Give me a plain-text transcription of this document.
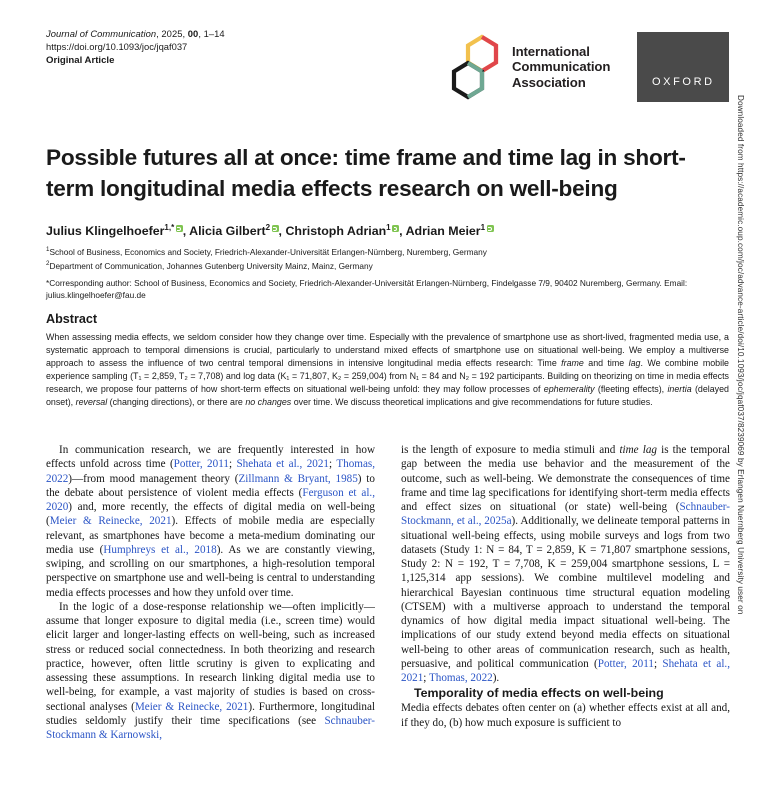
Journal of Communication, 2025, 00, 1–14
https://doi.org/10.1093/joc/jqaf037
Original Article
International
Communication
Association	OXFORD
Possible futures all at once: time frame and time lag in short-term longitudinal media effects research on well-being
Julius Klingelhoefer$^{1,*}$ , Alicia Gilbert$^2$ , Christoph Adrian$^1$ , Adrian Meier$^1$
$^1$School of Business, Economics and Society, Friedrich-Alexander-Universität Erlangen-Nürnberg, Nuremberg, Germany
$^2$Department of Communication, Johannes Gutenberg University Mainz, Mainz, Germany
*Corresponding author: School of Business, Economics and Society, Friedrich-Alexander-Universität Erlangen-Nürnberg, Findelgasse 7/9, 90402 Nuremberg, Germany. Email: julius.klingelhoefer@fau.de
Abstract
When assessing media effects, we seldom consider how they change over time. Especially with the prevalence of smartphone use as short-lived, fragmented media use, a systematic approach to temporal dimensions is crucial, particularly to understand mixed effects of smartphone use on situational well-being. We employ a multiverse approach to assess the influence of two central temporal dimensions in intensive longitudinal media effects research: Time frame and time lag. We combine mobile experience sampling (T₁ = 2,859, T₂ = 7,708) and log data (K₁ = 71,807, K₂ = 259,004) from N₁ = 84 and N₂ = 192 participants. Building on theorizing on time in media effects research, we propose four patterns of how short-term effects on situational well-being unfold: they may follow processes of ephemerality (fleeting effects), inertia (delayed onset), reversal (changing directions), or there are no changes over time. We discuss theoretical implications and give recommendations for future studies.

In communication research, we are frequently interested in how effects unfold across time (Potter, 2011; Shehata et al., 2021; Thomas, 2022)—from mood management theory (Zillmann & Bryant, 1985) to the debate about persistence of violent media effects (Ferguson et al., 2020) and, more recently, the effects of digital media on well-being (Meier & Reinecke, 2021). Effects of mobile media are especially relevant, as smartphones have become a meta-medium dominating our media use (Humphreys et al., 2018). As we are constantly viewing, swiping, and scrolling on our smartphones, a high-resolution temporal perspective on smartphone use and well-being is central to understanding media effects processes and how they unfold over time.

In the logic of a dose-response relationship we—often implicitly—assume that longer exposure to digital media (i.e., screen time) would elicit larger and longer-lasting effects on well-being, such as increased stress or reduced social connectedness. In both theorizing and research practice, however, often little scrutiny is given to explicating and assessing these assumptions. In research linking digital media use to well-being, for example, a vast majority of studies is based on cross-sectional analyses (Meier & Reinecke, 2021). Furthermore, longitudinal studies seldomly justify their time specifications (see Schnauber-Stockmann & Karnowski,

is the length of exposure to media stimuli and time lag is the temporal gap between the media use behavior and the measurement of the outcome, such as well-being. We demonstrate the consequences of time frame and time lag specifications for identifying short-term media effects and effect sizes on situational (or state) well-being (Schnauber-Stockmann, et al., 2025a). Additionally, we delineate temporal patterns in situational well-being effects, using mobile surveys and logs from two datasets (Study 1: N = 84, T = 2,859, K = 71,807 smartphone sessions, Study 2: N = 192, T = 7,708, K = 259,004 smartphone sessions, L = 1,125,314 app sessions). We combine multilevel modeling and hierarchical Bayesian continuous time structural equation modeling (CTSEM) with a multiverse approach to understand the temporal dynamics of how digital media impact situational well-being. The implications of our study extend beyond media effects on situational well-being to other areas of communication research, such as health, persuasive, and political communication (Potter, 2011; Shehata et al., 2021; Thomas, 2022).

Temporality of media effects on well-being

Media effects debates often center on (a) whether effects exist at all and, if they do, (b) how much exposure is sufficient to

Downloaded from https://academic.oup.com/joc/advance-article/doi/10.1093/joc/jqaf037/8239069 by Erlangen Nuernberg University user on
